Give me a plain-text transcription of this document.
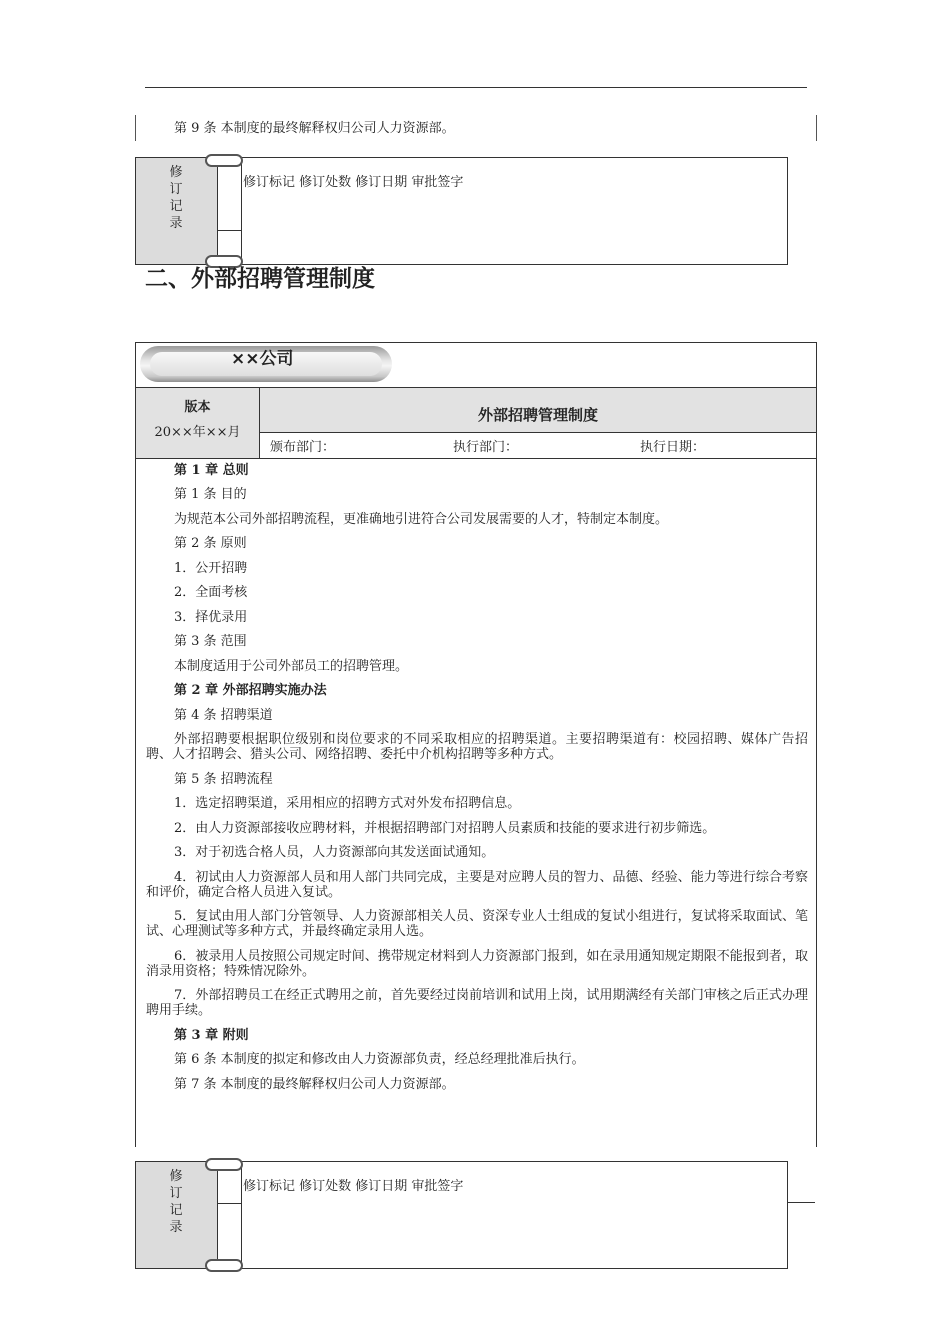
第 9 条 本制度的最终解释权归公司人力资源部。
修
订
记
录
修订标记 修订处数 修订日期 审批签字
二、外部招聘管理制度
××公司
版本
20××年××月
外部招聘管理制度
颁布部门：	执行部门：	执行日期：

第 1 章 总则

第 1 条 目的

为规范本公司外部招聘流程，更准确地引进符合公司发展需要的人才，特制定本制度。

第 2 条 原则

1．公开招聘

2．全面考核

3．择优录用

第 3 条 范围

本制度适用于公司外部员工的招聘管理。

第 2 章 外部招聘实施办法

第 4 条 招聘渠道

外部招聘要根据职位级别和岗位要求的不同采取相应的招聘渠道。主要招聘渠道有：校园招聘、媒体广告招聘、人才招聘会、猎头公司、网络招聘、委托中介机构招聘等多种方式。

第 5 条 招聘流程

1．选定招聘渠道，采用相应的招聘方式对外发布招聘信息。

2．由人力资源部接收应聘材料，并根据招聘部门对招聘人员素质和技能的要求进行初步筛选。

3．对于初选合格人员，人力资源部向其发送面试通知。

4．初试由人力资源部人员和用人部门共同完成，主要是对应聘人员的智力、品德、经验、能力等进行综合考察和评价，确定合格人员进入复试。

5．复试由用人部门分管领导、人力资源部相关人员、资深专业人士组成的复试小组进行，复试将采取面试、笔试、心理测试等多种方式，并最终确定录用人选。

6．被录用人员按照公司规定时间、携带规定材料到人力资源部门报到，如在录用通知规定期限不能报到者，取消录用资格；特殊情况除外。

7．外部招聘员工在经正式聘用之前，首先要经过岗前培训和试用上岗，试用期满经有关部门审核之后正式办理聘用手续。

第 3 章 附则

第 6 条 本制度的拟定和修改由人力资源部负责，经总经理批准后执行。

第 7 条 本制度的最终解释权归公司人力资源部。

修
订
记
录
修订标记 修订处数 修订日期 审批签字
